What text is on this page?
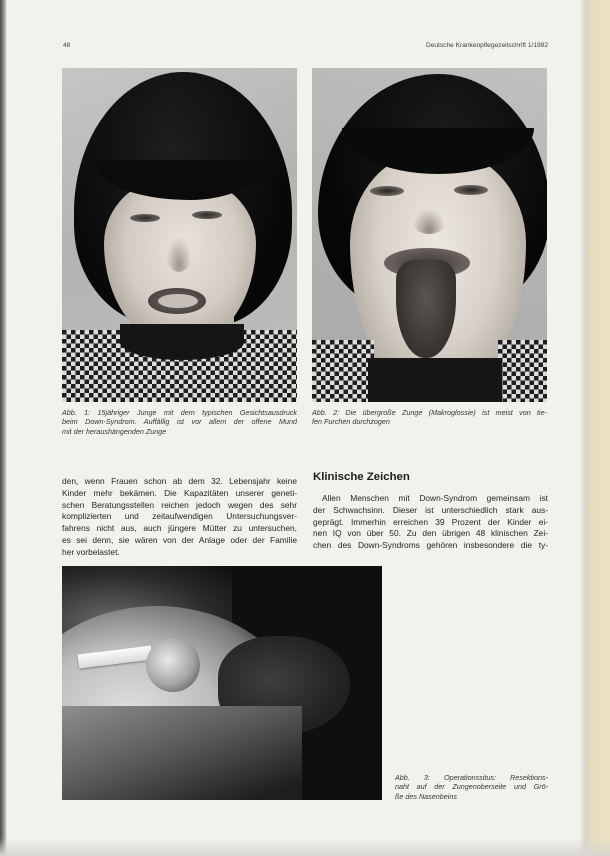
48	Deutsche Krankenpflegezeitschrift 1/1982
Abb. 1: 15jähriger Junge mit dem typischen Gesichtsausdruck
beim Down-Syndrom. Auffällig ist vor allem der offene Mund
mit der heraushängenden Zunge
Abb. 2: Die übergroße Zunge (Makroglossie) ist meist von tie-
fen Furchen durchzogen
den, wenn Frauen schon ab dem 32. Lebensjahr keine
Kinder mehr bekämen. Die Kapazitäten unserer geneti-
schen Beratungsstellen reichen jedoch wegen des sehr
komplizierten und zeitaufwendigen Untersuchungsver-
fahrens nicht aus, auch jüngere Mütter zu untersuchen,
es sei denn, sie wären von der Anlage oder der Familie
her vorbelastet.
Klinische Zeichen
Allen Menschen mit Down-Syndrom gemeinsam ist
der Schwachsinn. Dieser ist unterschiedlich stark aus-
geprägt. Immerhin erreichen 39 Prozent der Kinder ei-
nen IQ von über 50. Zu den übrigen 48 klinischen Zei-
chen des Down-Syndroms gehören insbesondere die ty-
Abb. 3: Operationssitus: Resektions-
naht auf der Zungenoberseite und Grö-
ße des Nasenbeins
